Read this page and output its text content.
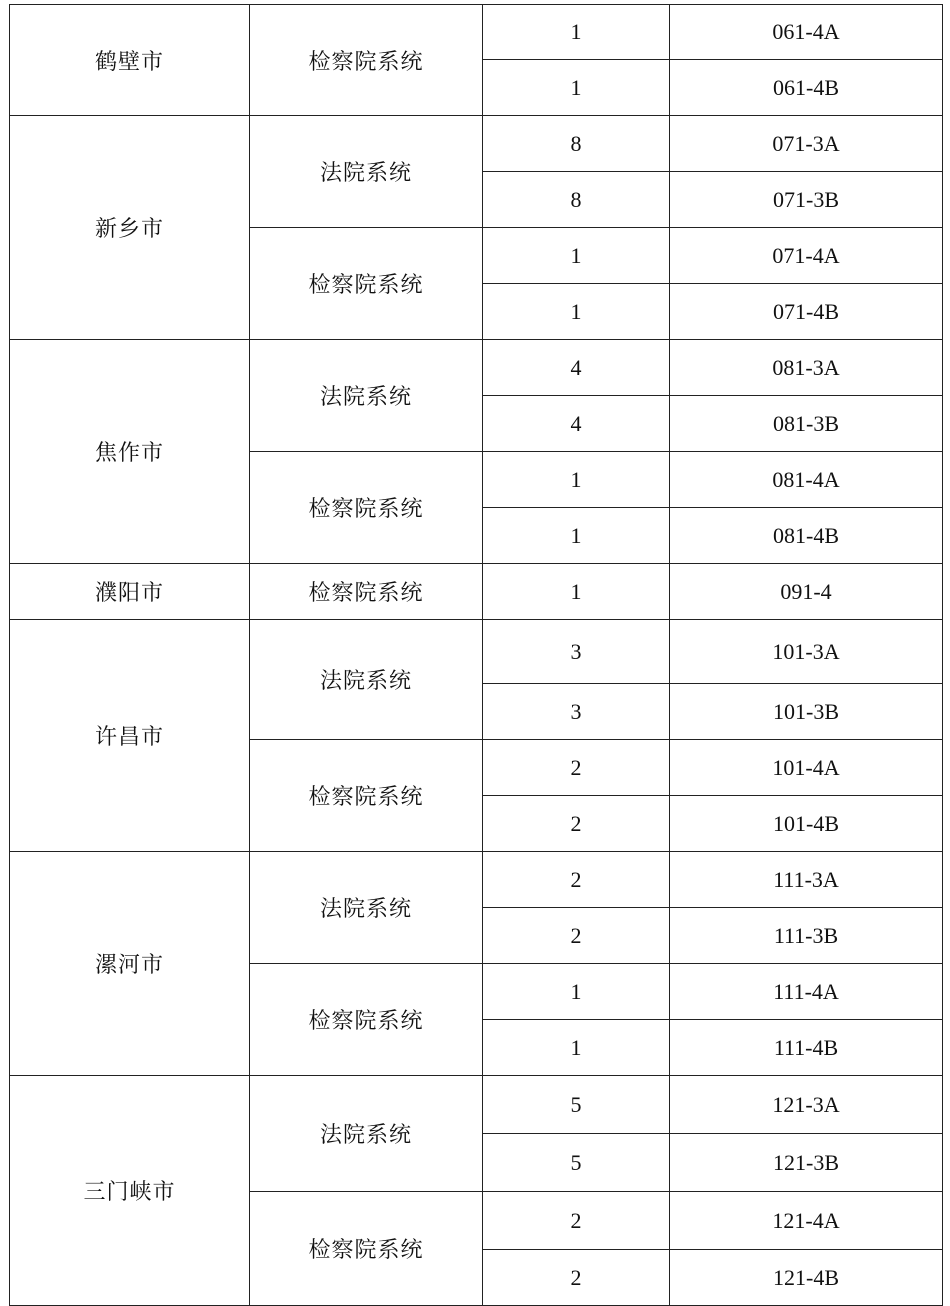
鹤壁市	检察院系统	1	061-4A
		1	061-4B
新乡市	法院系统	8	071-3A
		8	071-3B
	检察院系统	1	071-4A
		1	071-4B
焦作市	法院系统	4	081-3A
		4	081-3B
	检察院系统	1	081-4A
		1	081-4B
濮阳市	检察院系统	1	091-4
许昌市	法院系统	3	101-3A
		3	101-3B
	检察院系统	2	101-4A
		2	101-4B
漯河市	法院系统	2	111-3A
		2	111-3B
	检察院系统	1	111-4A
		1	111-4B
三门峡市	法院系统	5	121-3A
		5	121-3B
	检察院系统	2	121-4A
		2	121-4B
